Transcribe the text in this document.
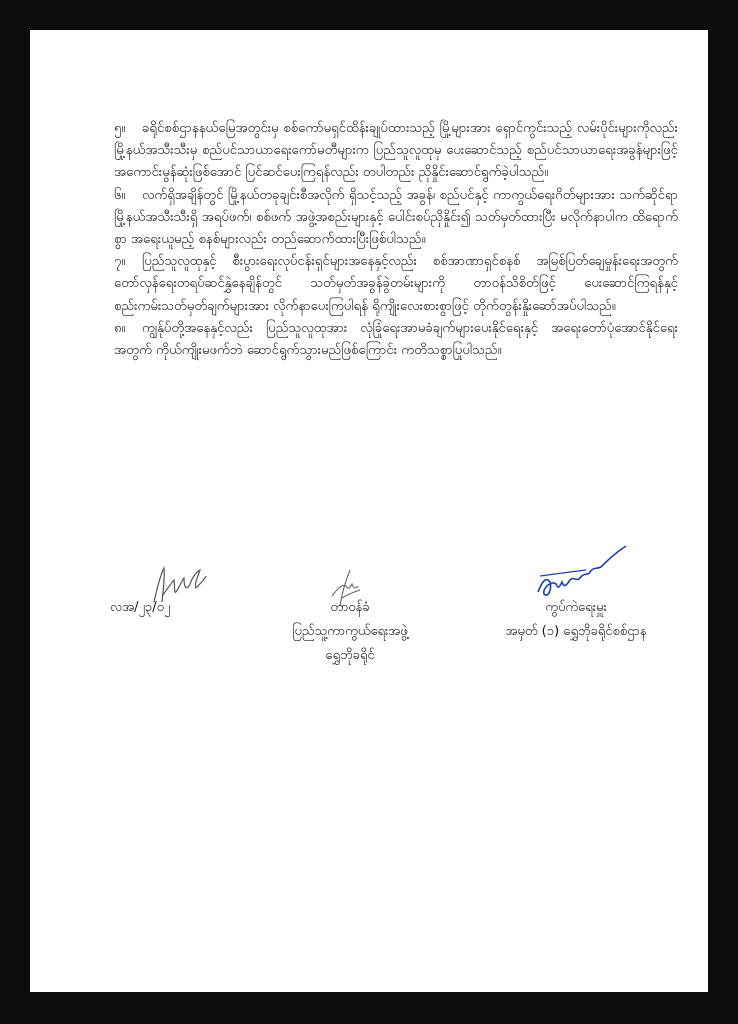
၅။ ခရိုင်စစ်ဌာနနယ်မြေအတွင်းမှ စစ်ကော်မရှင်ထိန်းချုပ်ထားသည့် မြို့များအား ရှောင်ကွင်းသည့် လမ်းပိုင်းများကိုလည်း မြို့နယ်အသီးသီးမှ စည်ပင်သာယာရေးကော်မတီများက ပြည်သူလူထုမှ ပေးဆောင်သည့် စည်ပင်သာယာရေးအခွန်များဖြင့် အကောင်းမွန်ဆုံးဖြစ်အောင် ပြင်ဆင်ပေးကြရန်လည်း တပါတည်း ညှိနှိုင်းဆောင်ရွက်ခဲ့ပါသည်။

၆။ လက်ရှိအချိန်တွင် မြို့နယ်တခုချင်းစီအလိုက် ရှိသင့်သည့် အခွန်၊ စည်ပင်နှင့် ကာကွယ်ရေးဂိတ်များအား သက်ဆိုင်ရာ မြို့နယ်အသီးသီးရှိ အရပ်ဖက်၊ စစ်ဖက် အဖွဲ့အစည်းများနှင့် ပေါင်းစပ်ညှိနှိုင်း၍ သတ်မှတ်ထားပြီး မလိုက်နာပါက ထိရောက်စွာ အရေးယူမည့် စနစ်များလည်း တည်ဆောက်ထားပြီးဖြစ်ပါသည်။

၇။ ပြည်သူလူထုနှင့် စီးပွားရေးလုပ်ငန်းရှင်များအနေနှင့်လည်း စစ်အာဏာရှင်စနစ် အမြစ်ပြတ်ချေမှုန်းရေးအတွက် တော်လှန်ရေးတရပ်ဆင်နွှဲနေချိန်တွင် သတ်မှတ်အခွန်ခွဲတမ်းများကို တာဝန်သိစိတ်ဖြင့် ပေးဆောင်ကြရန်နှင့် စည်းကမ်းသတ်မှတ်ချက်များအား လိုက်နာပေးကြပါရန် ရိုကျိုးလေးစားစွာဖြင့် တိုက်တွန်းနှိုးဆော်အပ်ပါသည်။

၈။ ကျွန်ုပ်တို့အနေနှင့်လည်း ပြည်သူလူထုအား လုံခြုံရေးအာမခံချက်များပေးနိုင်ရေးနှင့် အရေးတော်ပုံအောင်နိုင်ရေးအတွက် ကိုယ်ကျိုးမဖက်ဘဲ ဆောင်ရွက်သွားမည်ဖြစ်ကြောင်း ကတိသစ္စာပြုပါသည်။

လအ/၂၃/၀၂	တာဝန်ခံ
ပြည်သူ့ကာကွယ်ရေးအဖွဲ့
ရွှေဘိုခရိုင်
ကွပ်ကဲရေးမှူး
အမှတ် (၁) ရွှေဘိုခရိုင်စစ်ဌာန
